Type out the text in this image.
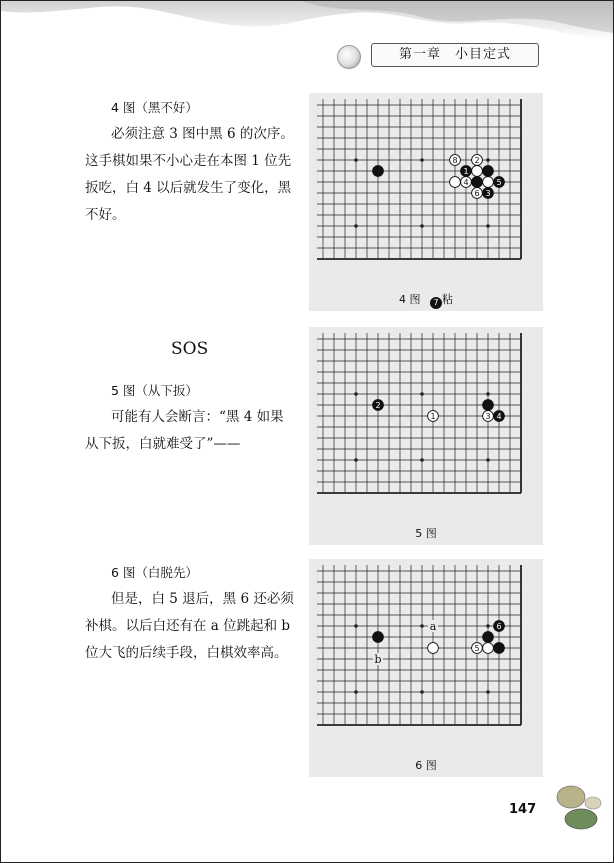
第一章　小目定式
4 图（黑不好）

必须注意 3 图中黑 6 的次序。这手棋如果不小心走在本图 1 位先扳吃，白 4 以后就发生了变化，黑不好。

8
1
2
4	5
6 3
4 图 7 粘
SOS
5 图（从下扳）

可能有人会断言：“黑 4 如果从下扳，白就难受了”——

2
1	3 4
5 图
6 图（白脱先）

但是，白 5 退后，黑 6 还必须补棋。以后白还有在 a 位跳起和 b 位大飞的后续手段，白棋效率高。

a
b
6
5
6 图
147
